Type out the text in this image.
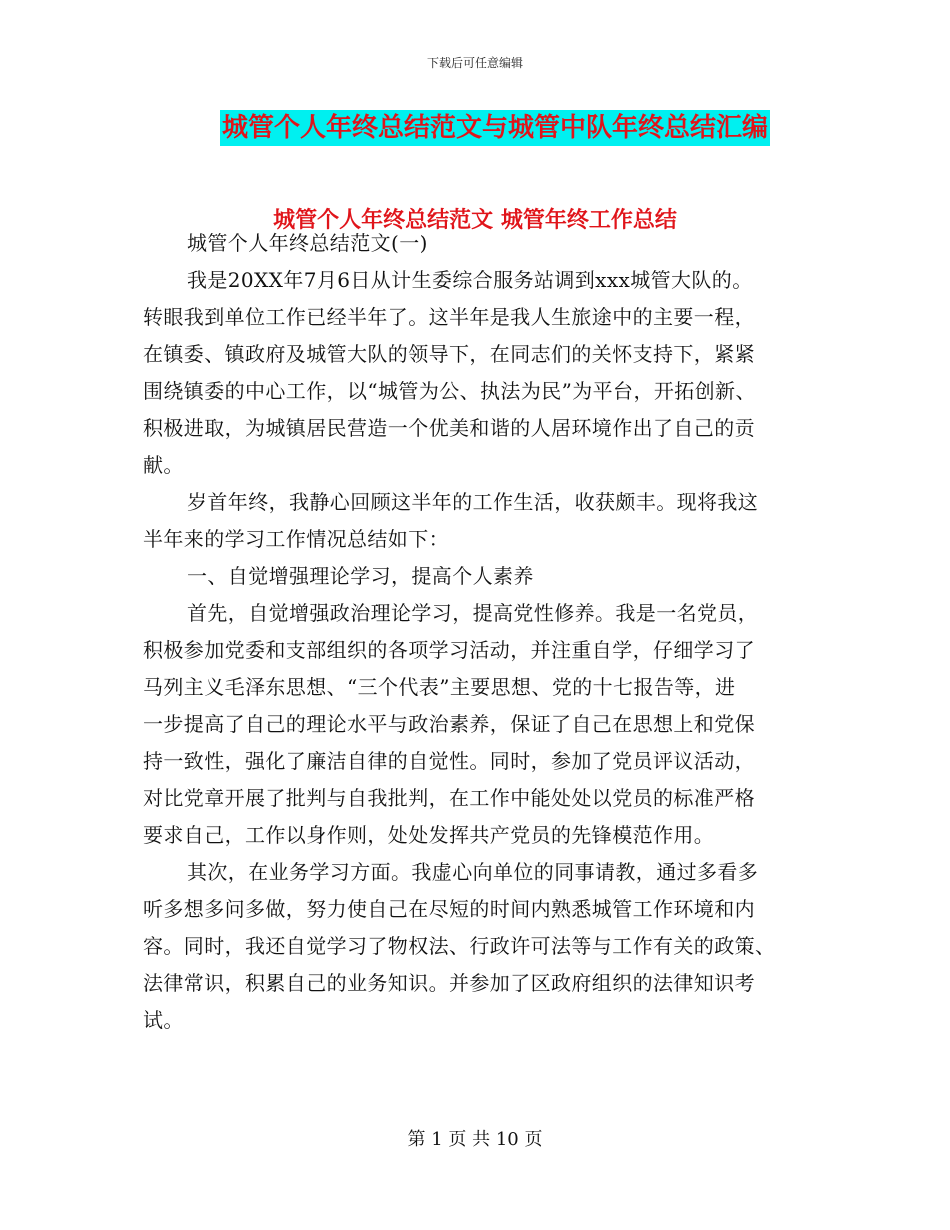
下载后可任意编辑
城管个人年终总结范文与城管中队年终总结汇编
城管个人年终总结范文 城管年终工作总结
城管个人年终总结范文(一)
我是20XX年7月6日从计生委综合服务站调到xxx城管大队的。
转眼我到单位工作已经半年了。这半年是我人生旅途中的主要一程，
在镇委、镇政府及城管大队的领导下，在同志们的关怀支持下，紧紧
围绕镇委的中心工作，以“城管为公、执法为民”为平台，开拓创新、
积极进取，为城镇居民营造一个优美和谐的人居环境作出了自己的贡
献。
岁首年终，我静心回顾这半年的工作生活，收获颇丰。现将我这
半年来的学习工作情况总结如下：
一、自觉增强理论学习，提高个人素养
首先，自觉增强政治理论学习，提高党性修养。我是一名党员，
积极参加党委和支部组织的各项学习活动，并注重自学，仔细学习了
马列主义毛泽东思想、“三个代表”主要思想、党的十七报告等，进
一步提高了自己的理论水平与政治素养，保证了自己在思想上和党保
持一致性，强化了廉洁自律的自觉性。同时，参加了党员评议活动，
对比党章开展了批判与自我批判，在工作中能处处以党员的标准严格
要求自己，工作以身作则，处处发挥共产党员的先锋模范作用。
其次，在业务学习方面。我虚心向单位的同事请教，通过多看多
听多想多问多做，努力使自己在尽短的时间内熟悉城管工作环境和内
容。同时，我还自觉学习了物权法、行政许可法等与工作有关的政策、
法律常识，积累自己的业务知识。并参加了区政府组织的法律知识考
试。
第 1 页 共 10 页
